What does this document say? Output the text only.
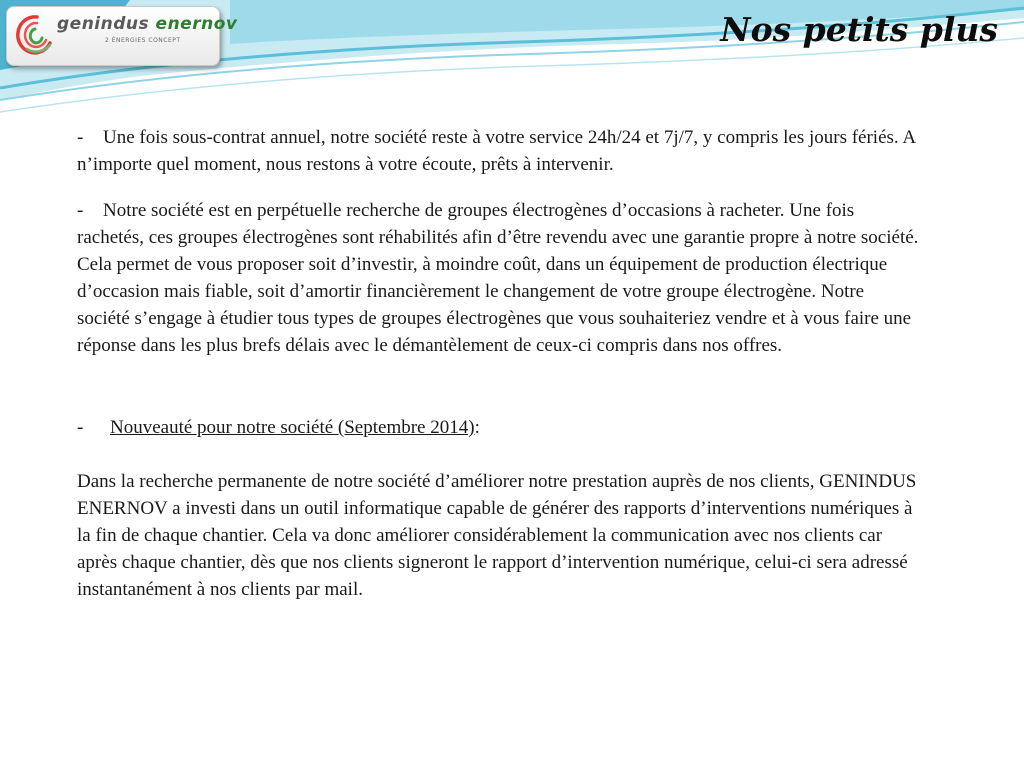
genindus enernov
2 ÉNERGIES CONCEPT	Nos petits plus

- Une fois sous-contrat annuel, notre société reste à votre service 24h/24 et 7j/7, y compris les jours fériés. A n’importe quel moment, nous restons à votre écoute, prêts à intervenir.

- Notre société est en perpétuelle recherche de groupes électrogènes d’occasions à racheter. Une fois rachetés, ces groupes électrogènes sont réhabilités afin d’être revendu avec une garantie propre à notre société. Cela permet de vous proposer soit d’investir, à moindre coût, dans un équipement de production électrique d’occasion mais fiable, soit d’amortir financièrement le changement de votre groupe électrogène. Notre société s’engage à étudier tous types de groupes électrogènes que vous souhaiteriez vendre et à vous faire une réponse dans les plus brefs délais avec le démantèlement de ceux-ci compris dans nos offres.

- Nouveauté pour notre société (Septembre 2014):

Dans la recherche permanente de notre société d’améliorer notre prestation auprès de nos clients, GENINDUS ENERNOV a investi dans un outil informatique capable de générer des rapports d’interventions numériques à la fin de chaque chantier. Cela va donc améliorer considérablement la communication avec nos clients car après chaque chantier, dès que nos clients signeront le rapport d’intervention numérique, celui-ci sera adressé instantanément à nos clients par mail.
